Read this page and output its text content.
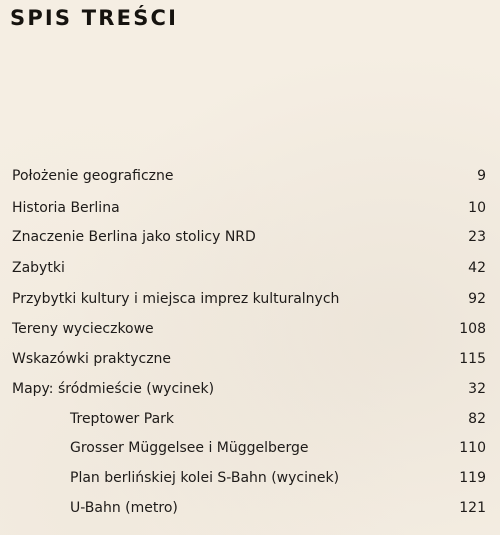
SPIS TREŚCI
Położenie geograficzne	9
Historia Berlina	10
Znaczenie Berlina jako stolicy NRD	23
Zabytki	42
Przybytki kultury i miejsca imprez kulturalnych	92
Tereny wycieczkowe	108
Wskazówki praktyczne	115
Mapy: śródmieście (wycinek)	32
Treptower Park	82
Grosser Müggelsee i Müggelberge	110
Plan berlińskiej kolei S-Bahn (wycinek)	119
U-Bahn (metro)	121
